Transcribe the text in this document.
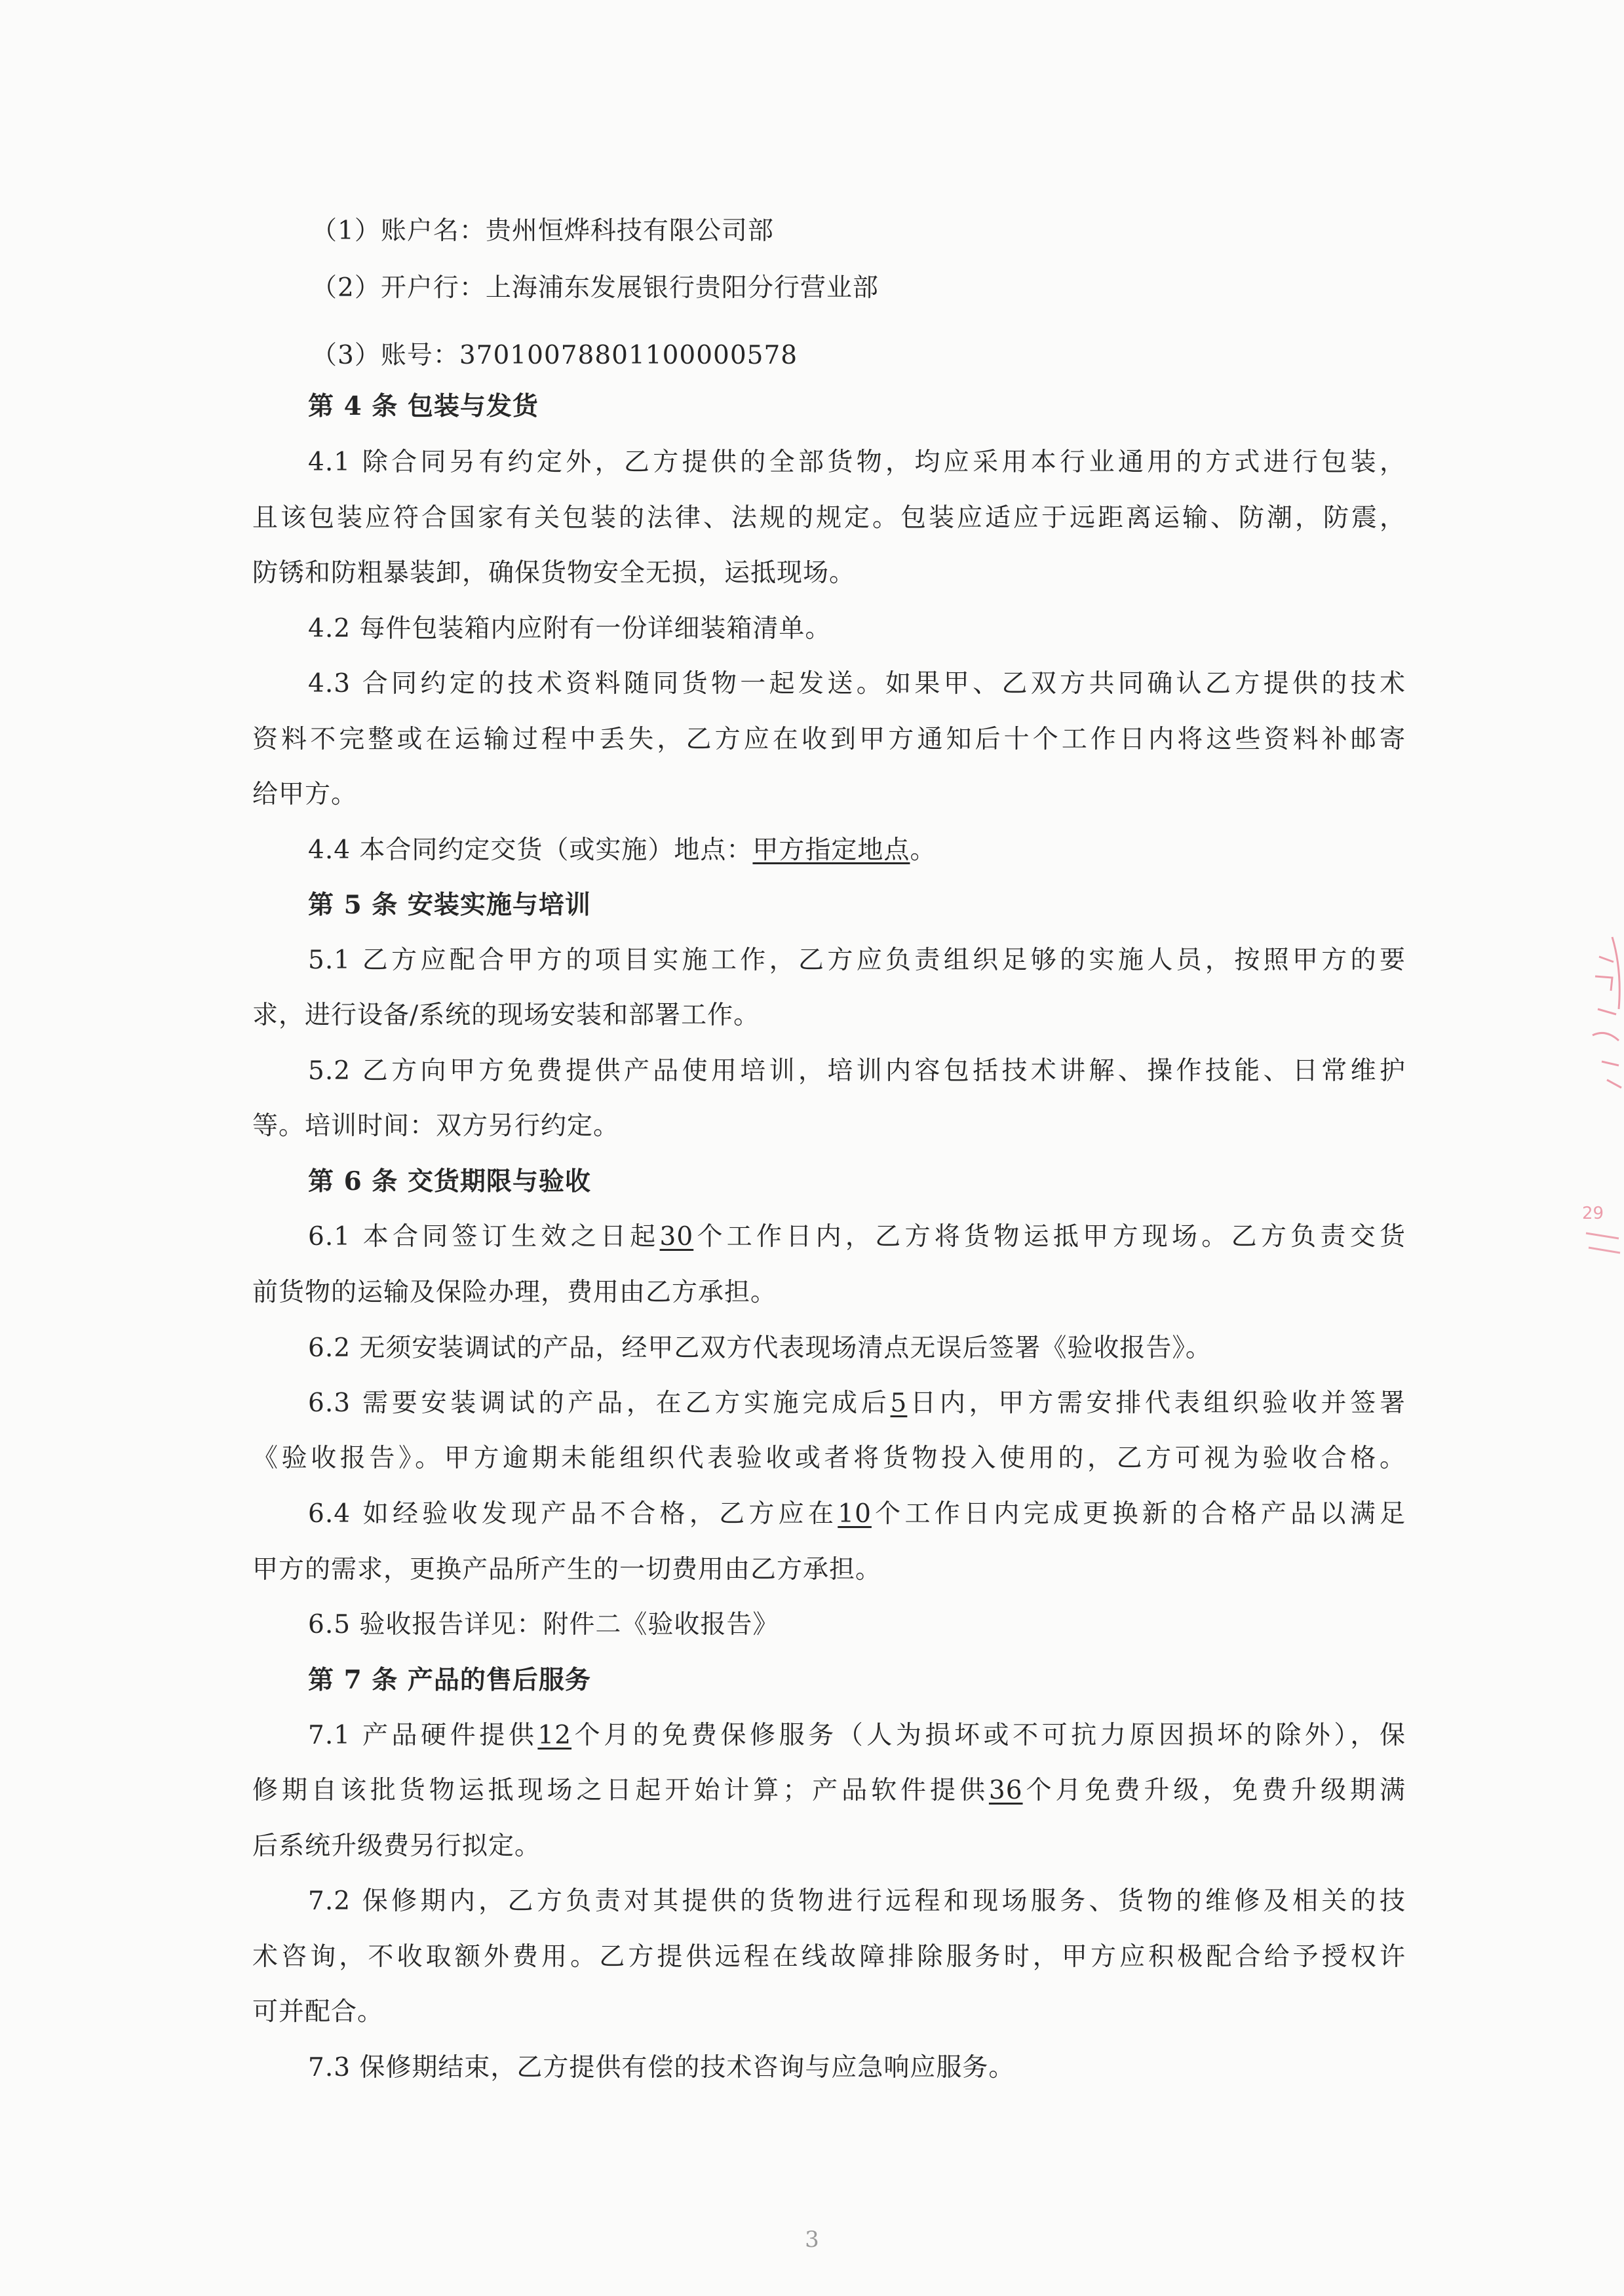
（1）账户名：贵州恒烨科技有限公司部
（2）开户行：上海浦东发展银行贵阳分行营业部
（3）账号：37010078801100000578
第 4 条 包装与发货
4.1 除合同另有约定外，乙方提供的全部货物，均应采用本行业通用的方式进行包装，
且该包装应符合国家有关包装的法律、法规的规定。包装应适应于远距离运输、防潮，防震，
防锈和防粗暴装卸，确保货物安全无损，运抵现场。
4.2 每件包装箱内应附有一份详细装箱清单。
4.3 合同约定的技术资料随同货物一起发送。如果甲、乙双方共同确认乙方提供的技术
资料不完整或在运输过程中丢失，乙方应在收到甲方通知后十个工作日内将这些资料补邮寄
给甲方。
4.4 本合同约定交货（或实施）地点：甲方指定地点。
第 5 条 安装实施与培训
5.1 乙方应配合甲方的项目实施工作，乙方应负责组织足够的实施人员，按照甲方的要
求，进行设备/系统的现场安装和部署工作。
5.2 乙方向甲方免费提供产品使用培训，培训内容包括技术讲解、操作技能、日常维护
等。培训时间：双方另行约定。
第 6 条 交货期限与验收
6.1 本合同签订生效之日起30个工作日内，乙方将货物运抵甲方现场。乙方负责交货
前货物的运输及保险办理，费用由乙方承担。
6.2 无须安装调试的产品，经甲乙双方代表现场清点无误后签署《验收报告》。
6.3 需要安装调试的产品，在乙方实施完成后5日内，甲方需安排代表组织验收并签署
《验收报告》。甲方逾期未能组织代表验收或者将货物投入使用的，乙方可视为验收合格。
6.4 如经验收发现产品不合格，乙方应在10个工作日内完成更换新的合格产品以满足
甲方的需求，更换产品所产生的一切费用由乙方承担。
6.5 验收报告详见：附件二《验收报告》
第 7 条 产品的售后服务
7.1 产品硬件提供12个月的免费保修服务（人为损坏或不可抗力原因损坏的除外），保
修期自该批货物运抵现场之日起开始计算；产品软件提供36个月免费升级，免费升级期满
后系统升级费另行拟定。
7.2 保修期内，乙方负责对其提供的货物进行远程和现场服务、货物的维修及相关的技
术咨询，不收取额外费用。乙方提供远程在线故障排除服务时，甲方应积极配合给予授权许
可并配合。
7.3 保修期结束，乙方提供有偿的技术咨询与应急响应服务。
3
29
